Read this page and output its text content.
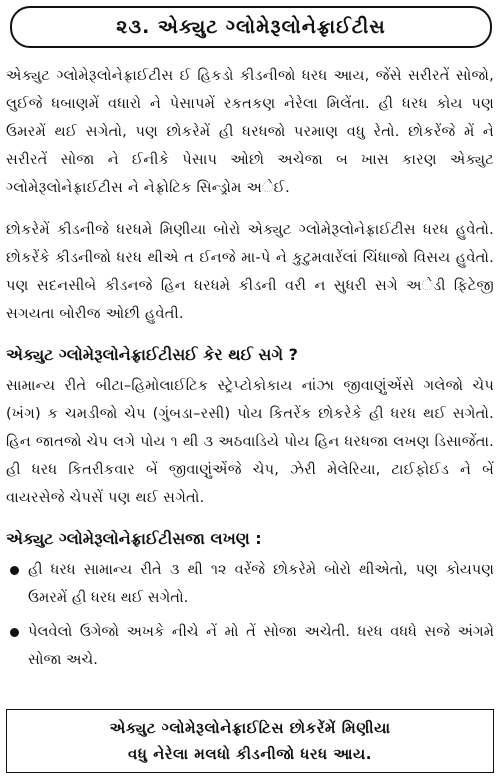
૨૩. એક્યુટ ગ્લોમેરૂલોનેફ્રાઈટીસ

એક્યુટ ગ્લોમેરૂલોનેફ્રાઈટીસ ઈ હિકડો કીડનીજો ધરધ આય, જેંસે સરીરતેં સોજો, લુઈજે ધબાણમેં વધારો ને પેસાપમેં રકતકણ નેરેલા મિલેંતા. હી ધરધ કોય પણ ઉમરમેં થઈ સગેતો, પણ છોકરેમેં હી ધરધજો પરમાણ વધુ રેતો. છોકરેંજે મેં ને સરીરતેં સોજા ને ઈનીકે પેસાપ ઓછો અચેજા બ ખાસ કારણ એક્યુટ ગ્લોમેરૂલોનેફ્રાઈટીસ ને નેફ્રોટિક સિન્ડ્રોમ અેઈ.

છોકરેમેં કીડનીજે ધરધમે મિણીયા બોરો એક્યુટ ગ્લોમેરૂલોનેફ્રાઈટીસ ધરધ હુવેતો. છોકરેંકે કીડનીજો ધરધ થીએ ત ઈનજે મા-પે ને કુટુમવારેંલાં ચિંધાજો વિસય હુવેતો. પણ સદનસીબે કીડનજે હિન ધરધમે કીડની વરી ન સુધરી સગે અેડી ફિટેજી સગયતા બોરીજ ઓછી હુવેતી.

એક્યુટ ગ્લોમેરૂલોનેફ્રાઈટીસઈ કેર થઈ સગે ?

સામાન્ય રીતે બીટા–હિમોલાઈટિક સ્ટ્રેપ્ટોકોકાય નાંઝા જીવાણુંએંસે ગલેજો ચેપ (ખંગ) ક ચમડીજો ચેપ (ગુંબડા–રસી) પોય કિતરેંક છોકરેકે હી ધરધ થઈ સગેતો. હિન જાતજો ચેપ લગે પોય ૧ થી ૩ અઠવાડિયે પોય હિન ધરધજા લખણ ડિસાજેંતા. હી ધરધ કિતરીકવાર બેં જીવાણુંએંજે ચેપ, ઝેરી મેલેરિયા, ટાઈફોઈડ ને બેં વાયરસેજે ચેપસેં પણ થઈ સગેતો.

એક્યુટ ગ્લોમેરૂલોનેફ્રાઈટીસજા લખણ :
હી ધરધ સામાન્ય રીતે ૩ થી ૧૨ વરેંજે છોકરેમે બોરો થીએતો, પણ કોયપણ ઉમરમેં હી ધરધ થઈ સગેતો.
પેલવેલો ઉગેજો અખકે નીચે નેં મો તેં સોજા અચેતી. ધરધ વધધે સજે અંગમે સોજા અચે.
એક્યુટ ગ્લોમેરૂલોનેફ્રાઈટિસ છોકરેંમેં મિણીયા
વધુ નેરેલા મલધો કીડનીજો ધરધ આય.
